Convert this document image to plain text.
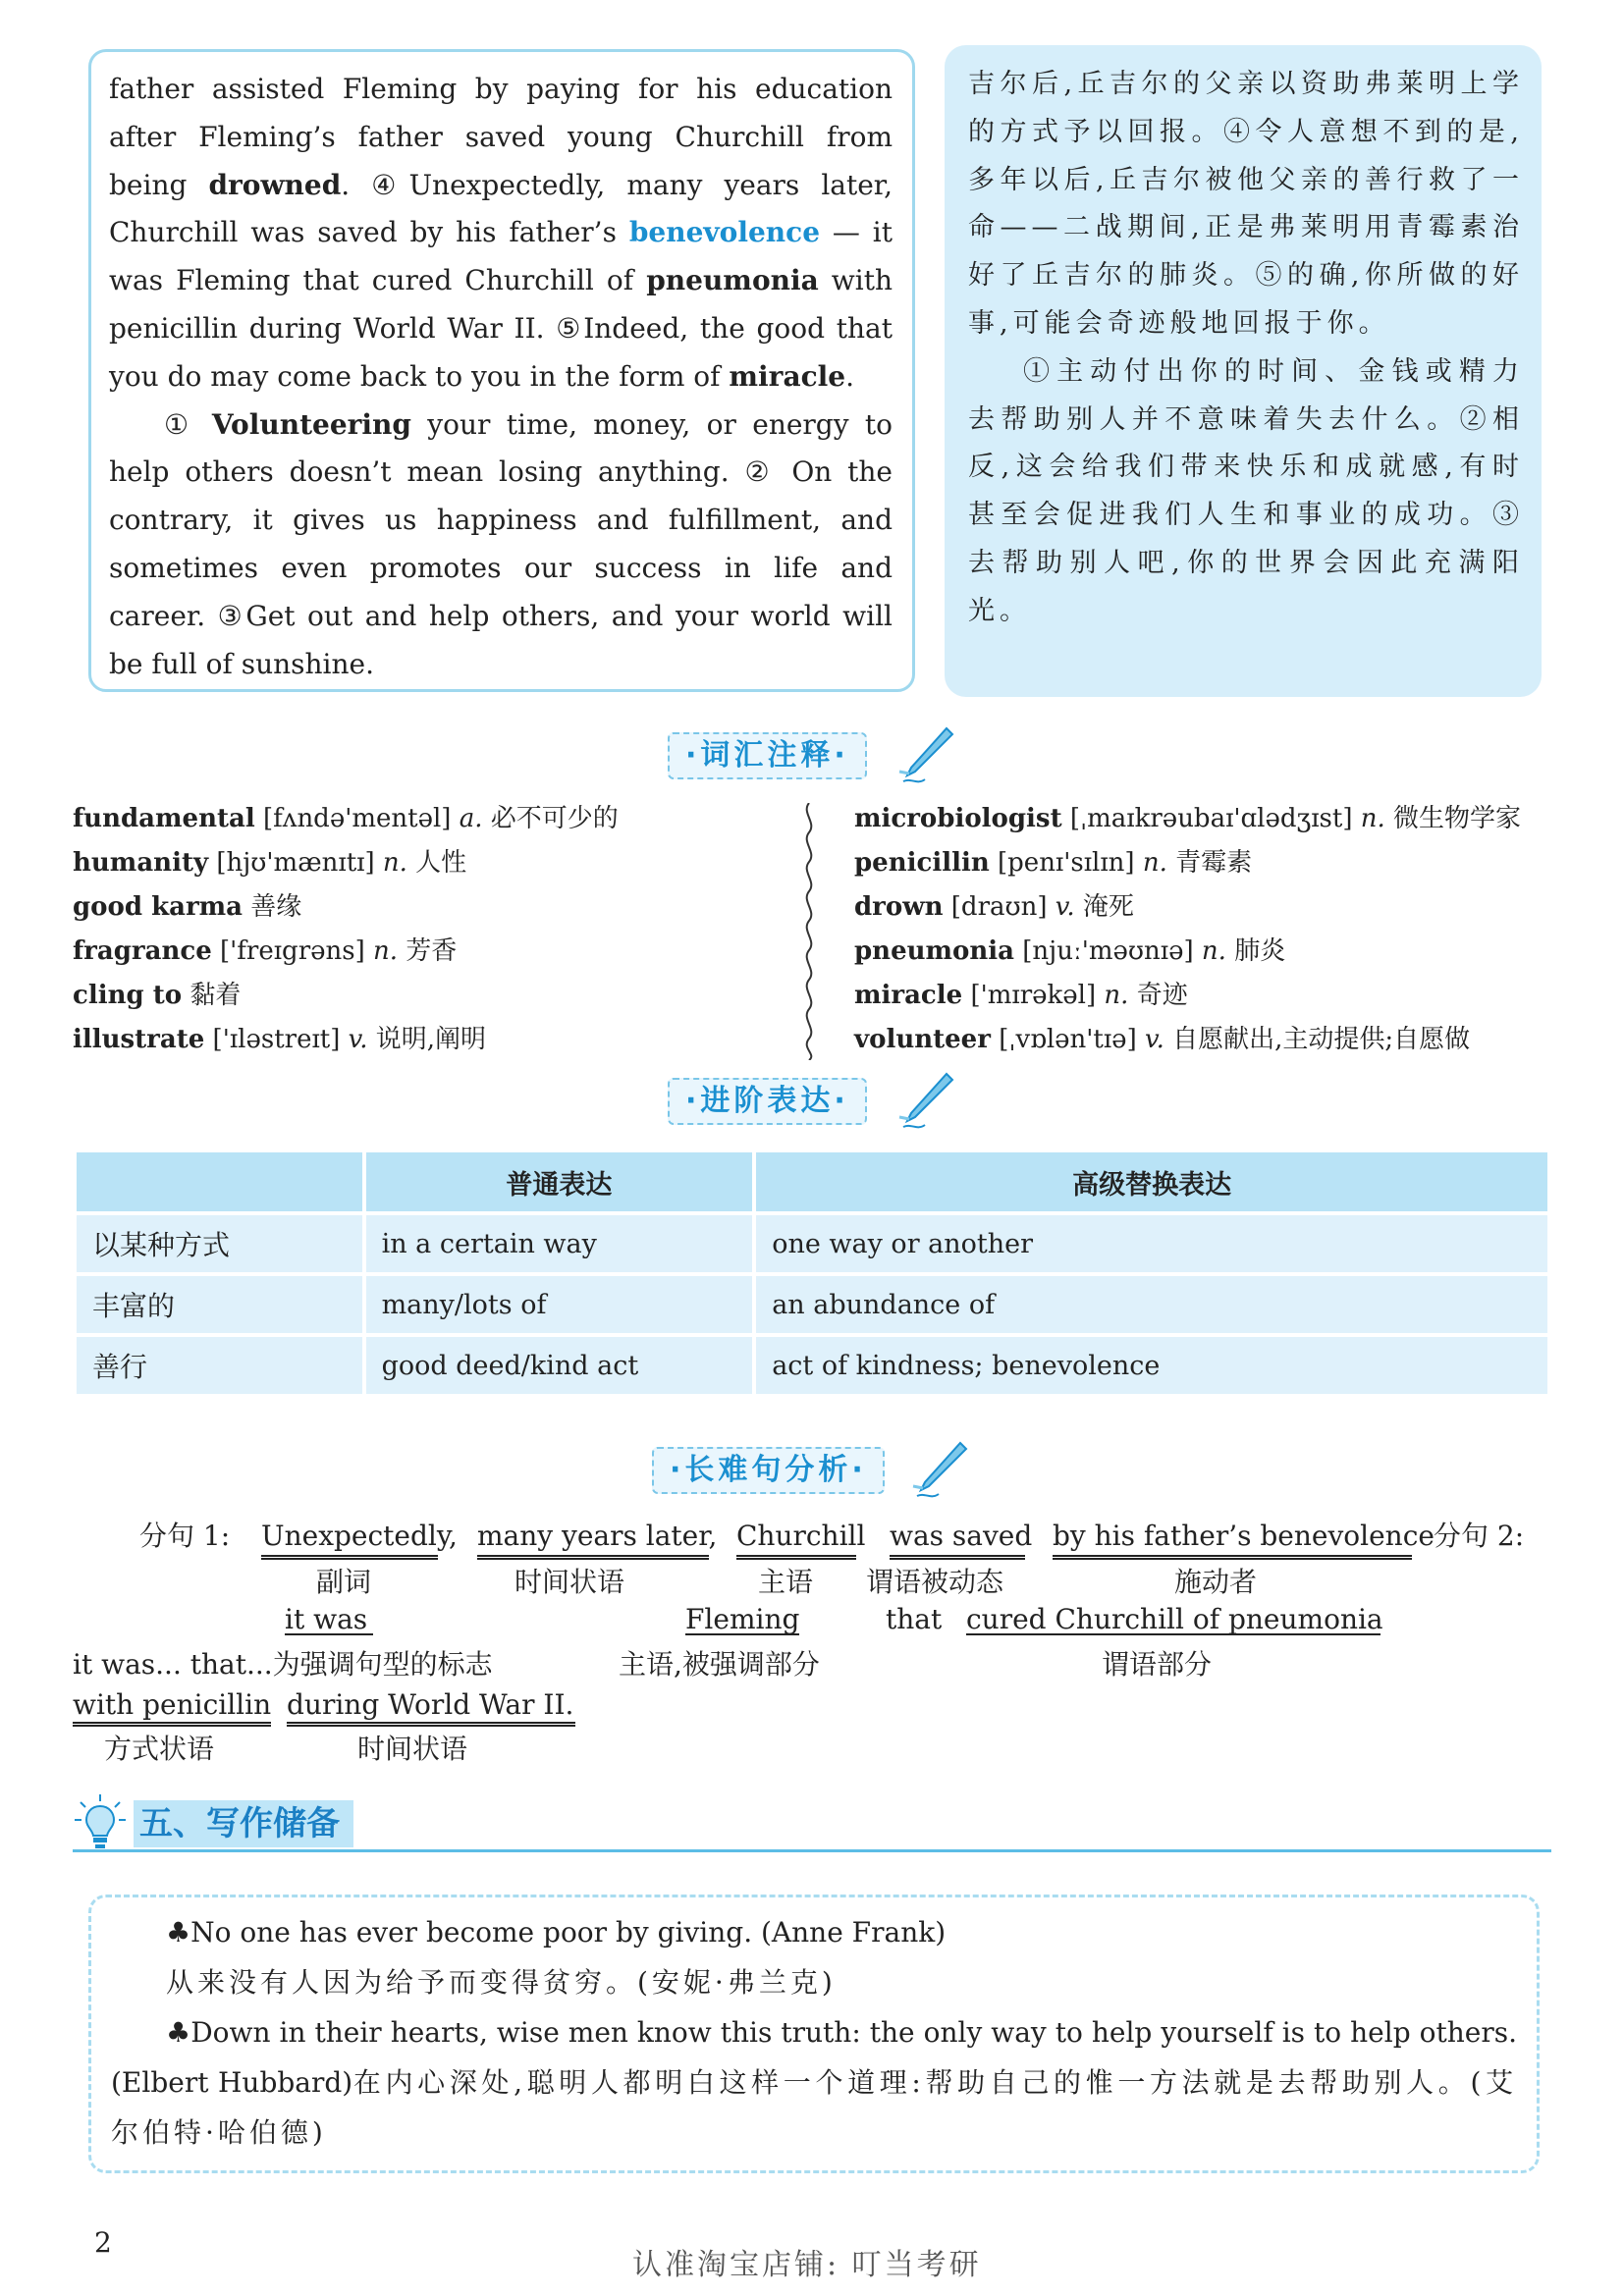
father assisted Fleming by paying for his education after Fleming’s father saved young Churchill from being drowned. ④Unexpectedly, many years later, Churchill was saved by his father’s benevolence — it was Fleming that cured Churchill of pneumonia with penicillin during World War II. ⑤Indeed, the good that you do may come back to you in the form of miracle.

① Volunteering your time, money, or energy to help others doesn’t mean losing anything. ② On the contrary, it gives us happiness and fulfillment, and sometimes even promotes our success in life and career. ③Get out and help others, and your world will be full of sunshine.

吉尔后,丘吉尔的父亲以资助弗莱明上学的方式予以回报。④令人意想不到的是,多年以后,丘吉尔被他父亲的善行救了一命——二战期间,正是弗莱明用青霉素治好了丘吉尔的肺炎。⑤的确,你所做的好事,可能会奇迹般地回报于你。

①主动付出你的时间、金钱或精力去帮助别人并不意味着失去什么。②相反,这会给我们带来快乐和成就感,有时甚至会促进我们人生和事业的成功。③去帮助别人吧,你的世界会因此充满阳光。

·词汇注释·
fundamental [fʌndə'mentəl] a. 必不可少的
humanity [hjʊ'mænɪtɪ] n. 人性
good karma 善缘
fragrance ['freɪgrəns] n. 芳香
cling to 黏着
illustrate ['ɪləstreɪt] v. 说明,阐明
microbiologist [ˌmaɪkrəubaɪ'ɑlədʒɪst] n. 微生物学家
penicillin [penɪ'sɪlɪn] n. 青霉素
drown [draʊn] v. 淹死
pneumonia [njuː'məʊnɪə] n. 肺炎
miracle ['mɪrəkəl] n. 奇迹
volunteer [ˌvɒlən'tɪə] v. 自愿献出,主动提供;自愿做
·进阶表达·
	普通表达	高级替换表达
以某种方式	in a certain way	one way or another
丰富的	many/lots of	an abundance of
善行	good deed/kind act	act of kindness; benevolence
·长难句分析·
分句 1: Unexpectedly,
副词
many years later,
时间状语
Churchill
主语
was saved
谓语被动态
by his father’s benevolence
施动者
分句 2:
it was
it was... that...为强调句型的标志
Fleming
主语,被强调部分
that cured Churchill of pneumonia
谓语部分
with penicillin
方式状语
during World War II.
时间状语
五、写作储备

♣No one has ever become poor by giving. (Anne Frank)

从来没有人因为给予而变得贫穷。(安妮·弗兰克)

♣Down in their hearts, wise men know this truth: the only way to help yourself is to help others. (Elbert Hubbard)在内心深处,聪明人都明白这样一个道理:帮助自己的惟一方法就是去帮助别人。(艾尔伯特·哈伯德)

2
认准淘宝店铺: 叮当考研
